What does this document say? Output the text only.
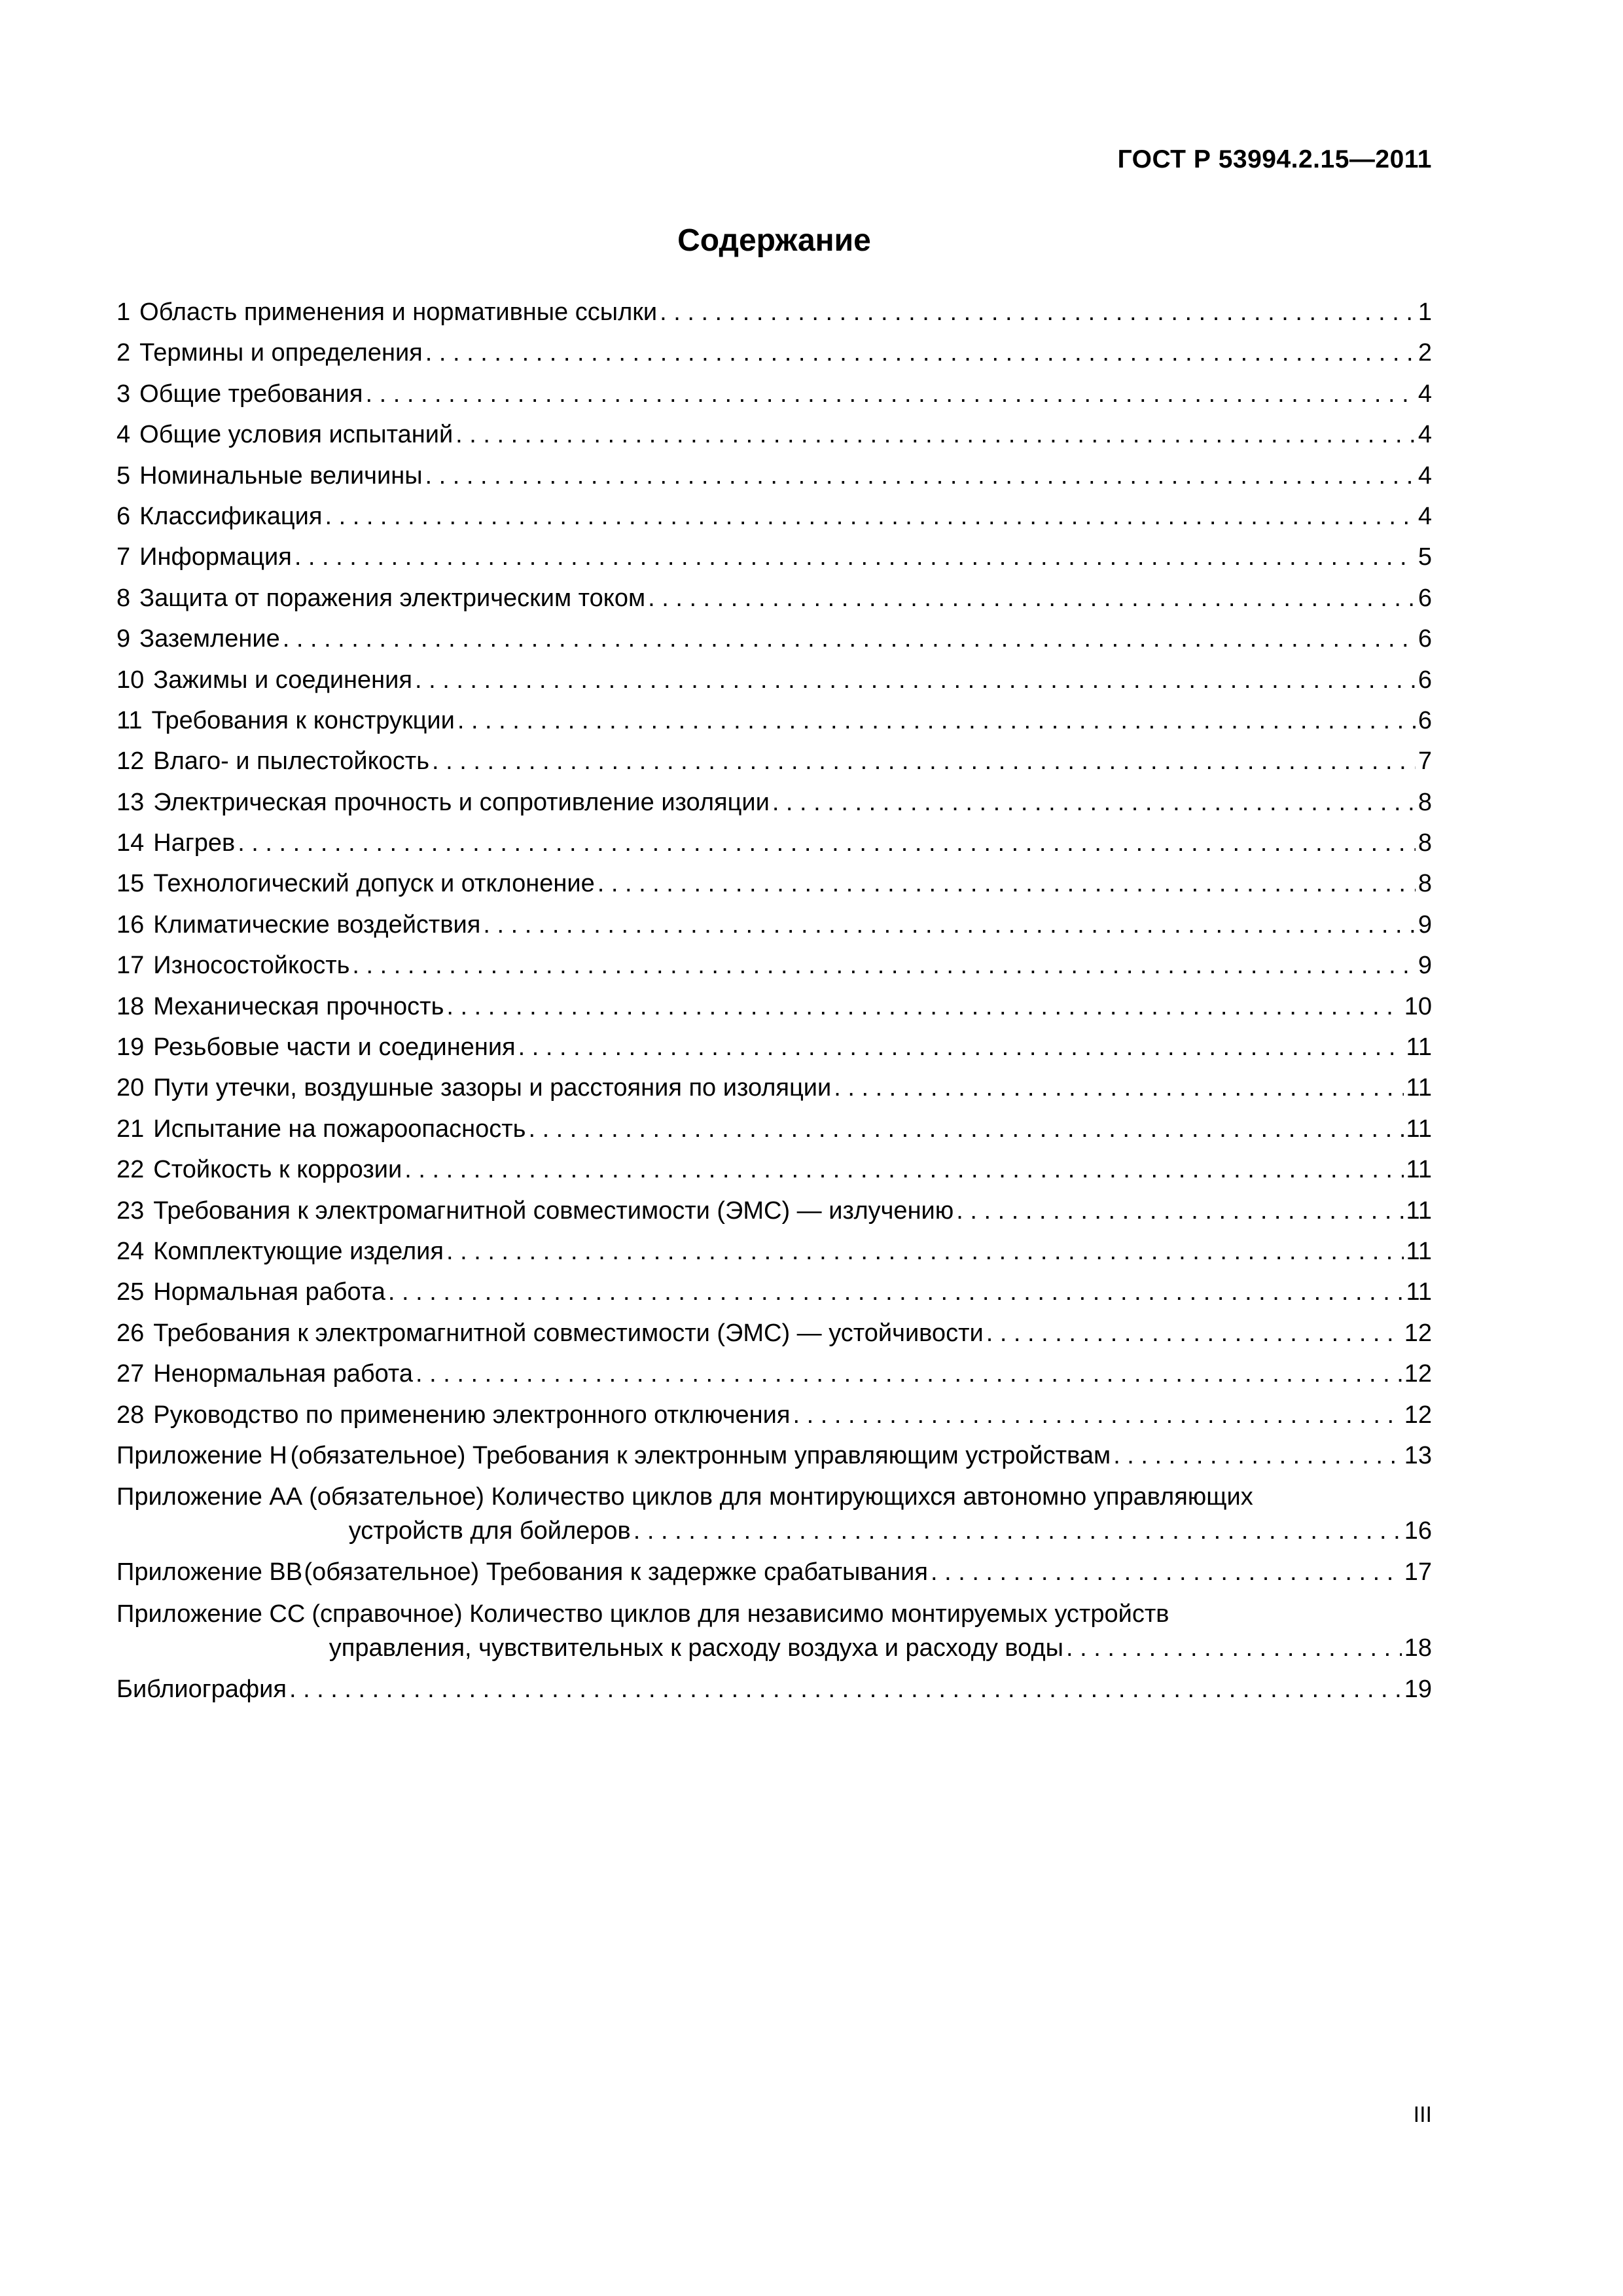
ГОСТ Р 53994.2.15—2011
Содержание
1 Область применения и нормативные ссылки . . .	1
2 Термины и определения . . .	2
3 Общие требования . . .	4
4 Общие условия испытаний . . .	4
5 Номинальные величины . . .	4
6 Классификация . . .	4
7 Информация . . .	5
8 Защита от поражения электрическим током . . .	6
9 Заземление . . .	6
10 Зажимы и соединения . . .	6
11 Требования к конструкции . . .	6
12 Влаго- и пылестойкость . . .	7
13 Электрическая прочность и сопротивление изоляции . . .	8
14 Нагрев . . .	8
15 Технологический допуск и отклонение . . .	8
16 Климатические воздействия . . .	9
17 Износостойкость . . .	9
18 Механическая прочность . . .	10
19 Резьбовые части и соединения . . .	11
20 Пути утечки, воздушные зазоры и расстояния по изоляции . . .	11
21 Испытание на пожароопасность . . .	11
22 Стойкость к коррозии . . .	11
23 Требования к электромагнитной совместимости (ЭМС) — излучению . . .	11
24 Комплектующие изделия . . .	11
25 Нормальная работа . . .	11
26 Требования к электромагнитной совместимости (ЭМС) — устойчивости . . .	12
27 Ненормальная работа . . .	12
28 Руководство по применению электронного отключения . . .	12
Приложение Н (обязательное) Требования к электронным управляющим устройствам . . .	13
Приложение АА (обязательное) Количество циклов для монтирующихся автономно управляющих
устройств для бойлеров . . .	16
Приложение ВВ (обязательное) Требования к задержке срабатывания . . .	17
Приложение СС (справочное) Количество циклов для независимо монтируемых устройств
управления, чувствительных к расходу воздуха и расходу воды . . .	18
Библиография . . .	19
III
